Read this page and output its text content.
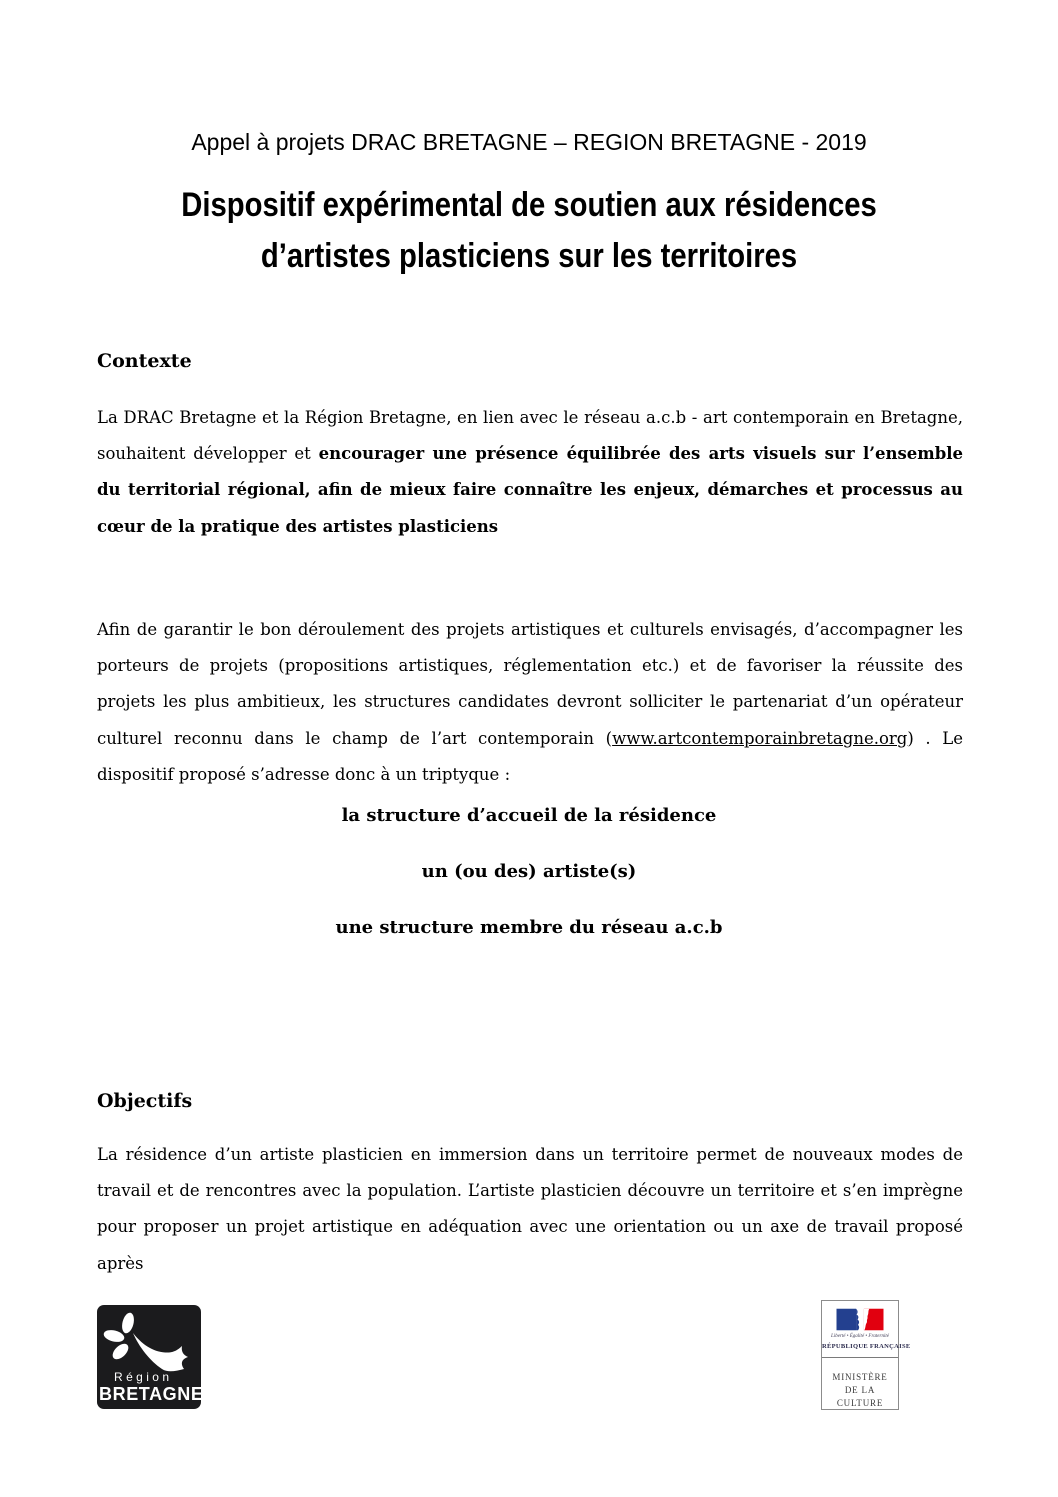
Appel à projets DRAC BRETAGNE – REGION BRETAGNE - 2019
Dispositif expérimental de soutien aux résidences
d’artistes plasticiens sur les territoires
Contexte

La DRAC Bretagne et la Région Bretagne, en lien avec le réseau a.c.b - art contemporain en Bretagne, souhaitent développer et encourager une présence équilibrée des arts visuels sur l’ensemble du territorial régional, afin de mieux faire connaître les enjeux, démarches et processus au cœur de la pratique des artistes plasticiens

Afin de garantir le bon déroulement des projets artistiques et culturels envisagés, d’accompagner les porteurs de projets (propositions artistiques, réglementation etc.) et de favoriser la réussite des projets les plus ambitieux, les structures candidates devront solliciter le partenariat d’un opérateur culturel reconnu dans le champ de l’art contemporain (www.artcontemporainbretagne.org) . Le dispositif proposé s’adresse donc à un triptyque :

la structure d’accueil de la résidence
un (ou des) artiste(s)
une structure membre du réseau a.c.b
Objectifs

La résidence d’un artiste plasticien en immersion dans un territoire permet de nouveaux modes de travail et de rencontres avec la population. L’artiste plasticien découvre un territoire et s’en imprègne pour proposer un projet artistique en adéquation avec une orientation ou un axe de travail proposé après

Région
BRETAGNE
Liberté • Égalité • Fraternité
RÉPUBLIQUE FRANÇAISE
MINISTÈRE
DE LA CULTURE
